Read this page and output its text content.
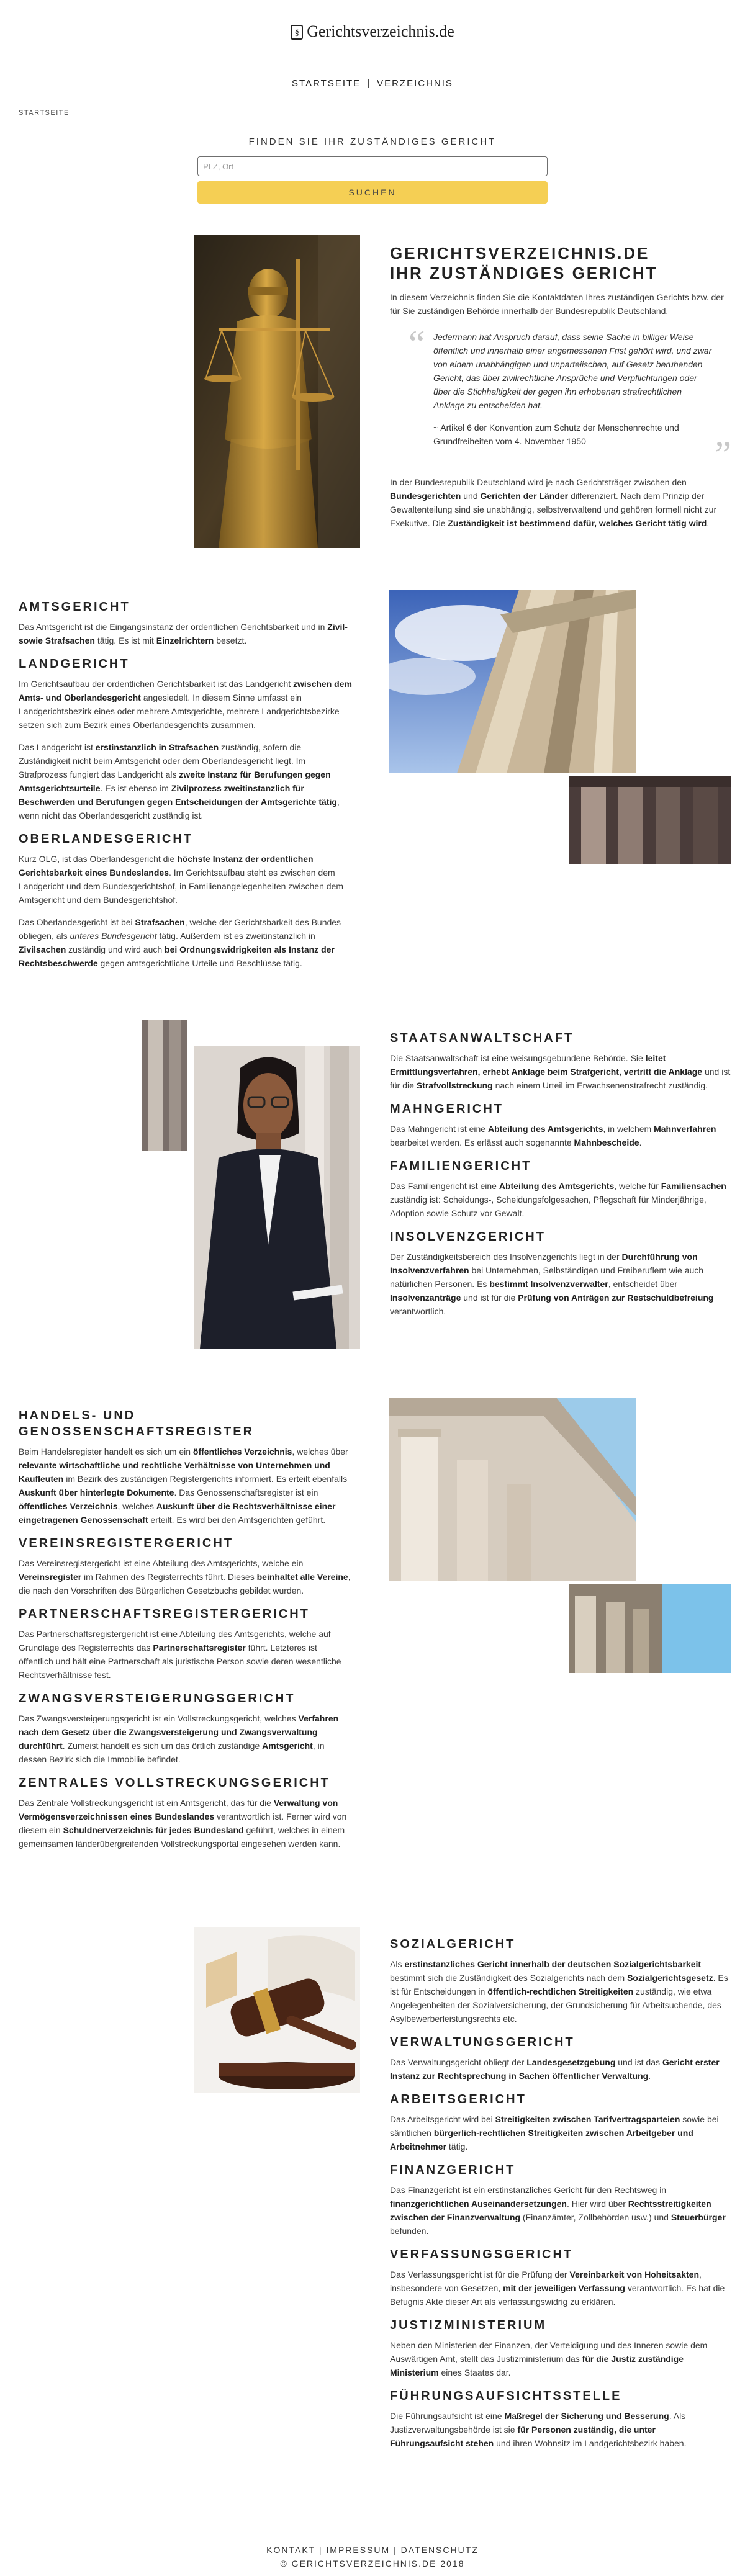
§ Gerichtsverzeichnis.de
STARTSEITE | VERZEICHNIS
STARTSEITE
FINDEN SIE IHR ZUSTÄNDIGES GERICHT
PLZ, Ort
SUCHEN
GERICHTSVERZEICHNIS.DE
IHR ZUSTÄNDIGES GERICHT

In diesem Verzeichnis finden Sie die Kontaktdaten Ihres zuständigen Gerichts bzw. der für Sie zuständigen Behörde innerhalb der Bundesrepublik Deutschland.

“ Jedermann hat Anspruch darauf, dass seine Sache in billiger Weise öffentlich und innerhalb einer angemessenen Frist gehört wird, und zwar von einem unabhängigen und unparteiischen, auf Gesetz beruhenden Gericht, das über zivilrechtliche Ansprüche und Verpflichtungen oder über die Stichhaltigkeit der gegen ihn erhobenen strafrechtlichen Anklage zu entscheiden hat.

~ Artikel 6 der Konvention zum Schutz der Menschenrechte und Grundfreiheiten vom 4. November 1950	”

In der Bundesrepublik Deutschland wird je nach Gerichtsträger zwischen den Bundesgerichten und Gerichten der Länder differenziert. Nach dem Prinzip der Gewaltenteilung sind sie unabhängig, selbstverwaltend und gehören formell nicht zur Exekutive. Die Zuständigkeit ist bestimmend dafür, welches Gericht tätig wird.

AMTSGERICHT

Das Amtsgericht ist die Eingangsinstanz der ordentlichen Gerichtsbarkeit und in Zivil- sowie Strafsachen tätig. Es ist mit Einzelrichtern besetzt.

LANDGERICHT

Im Gerichtsaufbau der ordentlichen Gerichtsbarkeit ist das Landgericht zwischen dem Amts- und Oberlandesgericht angesiedelt. In diesem Sinne umfasst ein Landgerichtsbezirk eines oder mehrere Amtsgerichte, mehrere Landgerichtsbezirke setzen sich zum Bezirk eines Oberlandesgerichts zusammen.

Das Landgericht ist erstinstanzlich in Strafsachen zuständig, sofern die Zuständigkeit nicht beim Amtsgericht oder dem Oberlandesgericht liegt. Im Strafprozess fungiert das Landgericht als zweite Instanz für Berufungen gegen Amtsgerichtsurteile. Es ist ebenso im Zivilprozess zweitinstanzlich für Beschwerden und Berufungen gegen Entscheidungen der Amtsgerichte tätig, wenn nicht das Oberlandesgericht zuständig ist.

OBERLANDESGERICHT

Kurz OLG, ist das Oberlandesgericht die höchste Instanz der ordentlichen Gerichtsbarkeit eines Bundeslandes. Im Gerichtsaufbau steht es zwischen dem Landgericht und dem Bundesgerichtshof, in Familienangelegenheiten zwischen dem Amtsgericht und dem Bundesgerichtshof.

Das Oberlandesgericht ist bei Strafsachen, welche der Gerichtsbarkeit des Bundes obliegen, als unteres Bundesgericht tätig. Außerdem ist es zweitinstanzlich in Zivilsachen zuständig und wird auch bei Ordnungswidrigkeiten als Instanz der Rechtsbeschwerde gegen amtsgerichtliche Urteile und Beschlüsse tätig.

STAATSANWALTSCHAFT

Die Staatsanwaltschaft ist eine weisungsgebundene Behörde. Sie leitet Ermittlungsverfahren, erhebt Anklage beim Strafgericht, vertritt die Anklage und ist für die Strafvollstreckung nach einem Urteil im Erwachsenenstrafrecht zuständig.

MAHNGERICHT

Das Mahngericht ist eine Abteilung des Amtsgerichts, in welchem Mahnverfahren bearbeitet werden. Es erlässt auch sogenannte Mahnbescheide.

FAMILIENGERICHT

Das Familiengericht ist eine Abteilung des Amtsgerichts, welche für Familiensachen zuständig ist: Scheidungs-, Scheidungsfolgesachen, Pflegschaft für Minderjährige, Adoption sowie Schutz vor Gewalt.

INSOLVENZGERICHT

Der Zuständigkeitsbereich des Insolvenzgerichts liegt in der Durchführung von Insolvenzverfahren bei Unternehmen, Selbständigen und Freiberuflern wie auch natürlichen Personen. Es bestimmt Insolvenzverwalter, entscheidet über Insolvenzanträge und ist für die Prüfung von Anträgen zur Restschuldbefreiung verantwortlich.

HANDELS- UND GENOSSENSCHAFTSREGISTER

Beim Handelsregister handelt es sich um ein öffentliches Verzeichnis, welches über relevante wirtschaftliche und rechtliche Verhältnisse von Unternehmen und Kaufleuten im Bezirk des zuständigen Registergerichts informiert. Es erteilt ebenfalls Auskunft über hinterlegte Dokumente. Das Genossenschaftsregister ist ein öffentliches Verzeichnis, welches Auskunft über die Rechtsverhältnisse einer eingetragenen Genossenschaft erteilt. Es wird bei den Amtsgerichten geführt.

VEREINSREGISTERGERICHT

Das Vereinsregistergericht ist eine Abteilung des Amtsgerichts, welche ein Vereinsregister im Rahmen des Registerrechts führt. Dieses beinhaltet alle Vereine, die nach den Vorschriften des Bürgerlichen Gesetzbuchs gebildet wurden.

PARTNERSCHAFTSREGISTERGERICHT

Das Partnerschaftsregistergericht ist eine Abteilung des Amtsgerichts, welche auf Grundlage des Registerrechts das Partnerschaftsregister führt. Letzteres ist öffentlich und hält eine Partnerschaft als juristische Person sowie deren wesentliche Rechtsverhältnisse fest.

ZWANGSVERSTEIGERUNGSGERICHT

Das Zwangsversteigerungsgericht ist ein Vollstreckungsgericht, welches Verfahren nach dem Gesetz über die Zwangsversteigerung und Zwangsverwaltung durchführt. Zumeist handelt es sich um das örtlich zuständige Amtsgericht, in dessen Bezirk sich die Immobilie befindet.

ZENTRALES VOLLSTRECKUNGSGERICHT

Das Zentrale Vollstreckungsgericht ist ein Amtsgericht, das für die Verwaltung von Vermögensverzeichnissen eines Bundeslandes verantwortlich ist. Ferner wird von diesem ein Schuldnerverzeichnis für jedes Bundesland geführt, welches in einem gemeinsamen länderübergreifenden Vollstreckungsportal eingesehen werden kann.

SOZIALGERICHT

Als erstinstanzliches Gericht innerhalb der deutschen Sozialgerichtsbarkeit bestimmt sich die Zuständigkeit des Sozialgerichts nach dem Sozialgerichtsgesetz. Es ist für Entscheidungen in öffentlich-rechtlichen Streitigkeiten zuständig, wie etwa Angelegenheiten der Sozialversicherung, der Grundsicherung für Arbeitsuchende, des Asylbewerberleistungsrechts etc.

VERWALTUNGSGERICHT

Das Verwaltungsgericht obliegt der Landesgesetzgebung und ist das Gericht erster Instanz zur Rechtsprechung in Sachen öffentlicher Verwaltung.

ARBEITSGERICHT

Das Arbeitsgericht wird bei Streitigkeiten zwischen Tarifvertragsparteien sowie bei sämtlichen bürgerlich-rechtlichen Streitigkeiten zwischen Arbeitgeber und Arbeitnehmer tätig.

FINANZGERICHT

Das Finanzgericht ist ein erstinstanzliches Gericht für den Rechtsweg in finanzgerichtlichen Auseinandersetzungen. Hier wird über Rechtsstreitigkeiten zwischen der Finanzverwaltung (Finanzämter, Zollbehörden usw.) und Steuerbürger befunden.

VERFASSUNGSGERICHT

Das Verfassungsgericht ist für die Prüfung der Vereinbarkeit von Hoheitsakten, insbesondere von Gesetzen, mit der jeweiligen Verfassung verantwortlich. Es hat die Befugnis Akte dieser Art als verfassungswidrig zu erklären.

JUSTIZMINISTERIUM

Neben den Ministerien der Finanzen, der Verteidigung und des Inneren sowie dem Auswärtigen Amt, stellt das Justizministerium das für die Justiz zuständige Ministerium eines Staates dar.

FÜHRUNGSAUFSICHTSSTELLE

Die Führungsaufsicht ist eine Maßregel der Sicherung und Besserung. Als Justizverwaltungsbehörde ist sie für Personen zuständig, die unter Führungsaufsicht stehen und ihren Wohnsitz im Landgerichtsbezirk haben.

KONTAKT | IMPRESSUM | DATENSCHUTZ
© GERICHTSVERZEICHNIS.DE 2018
